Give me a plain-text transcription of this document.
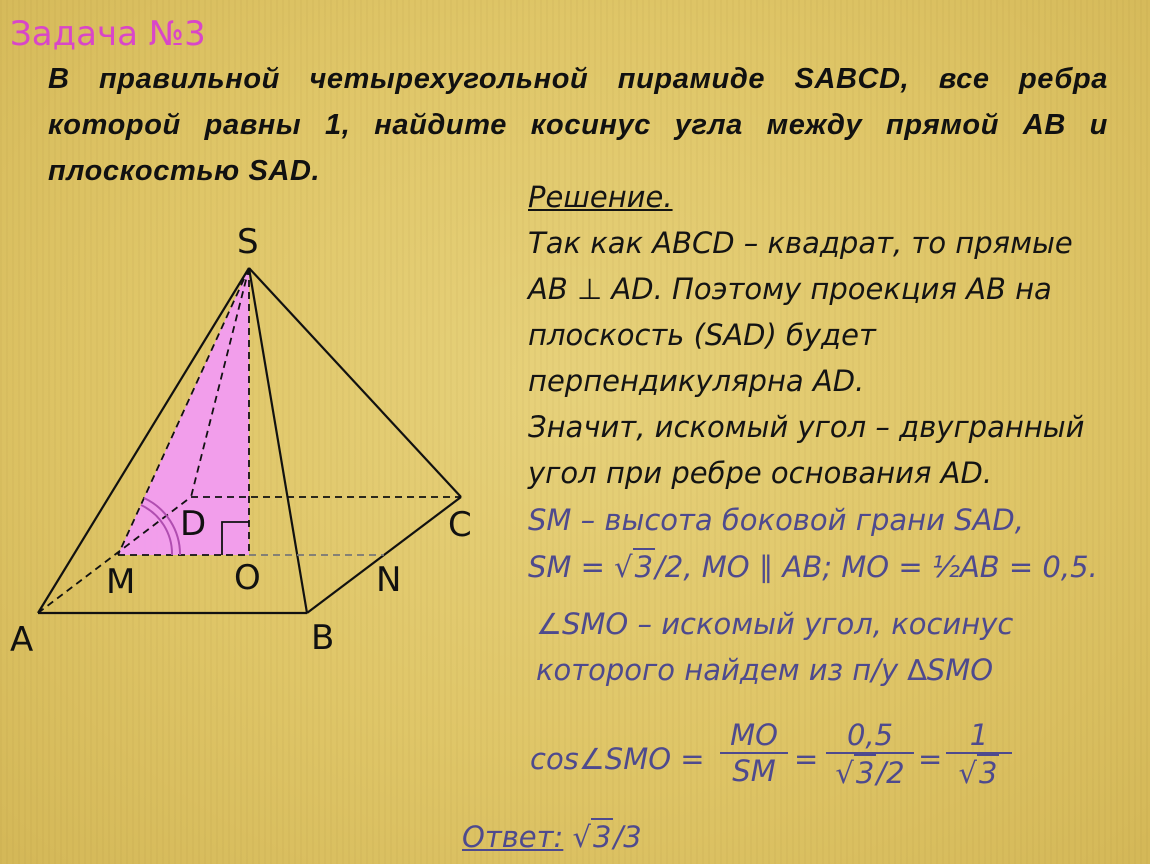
Задача №3
В правильной четырехугольной пирамиде SABCD, все ребра которой равны 1, найдите косинус угла между прямой AB и плоскостью SAD.
S
A	B
C
D
M	O	N
Решение.
Так как ABCD – квадрат, то прямые
AB ⊥ AD. Поэтому проекция AB на
плоскость (SAD) будет
перпендикулярна AD.
Значит, искомый угол – двугранный
угол при ребре основания AD.
SM – высота боковой грани SAD,
SM = √3/2, MO ∥ AB; MO = ½AB = 0,5.
∠SMO – искомый угол, косинус
которого найдем из п/у ∆SMO
cos∠SMO =
MO
SM =
0,5
√3/2 =
1
√3
Ответ: √3/3
